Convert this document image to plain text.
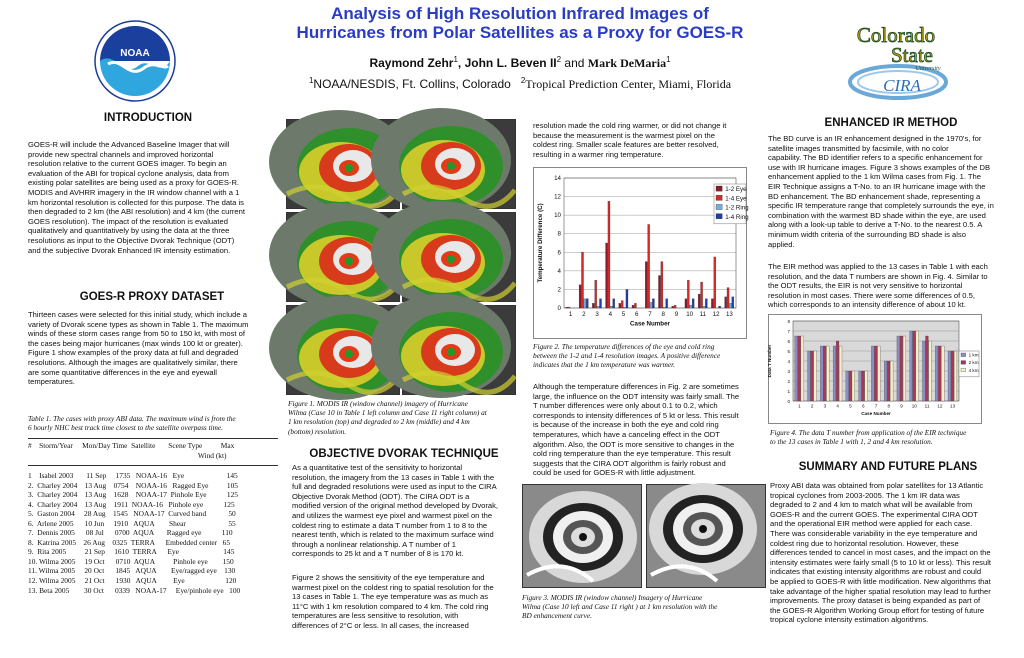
Analysis of High Resolution Infrared Images of
Hurricanes from Polar Satellites as a Proxy for GOES-R
Raymond Zehr$^1$, John L. Beven $II^2$ and Mark DeMaria$^1$
$^1$NOAA/NESDIS, Ft. Collins, Colorado $^2$Tropical Prediction Center, Miami, Florida
NOAA
Colorado
State
University
CIRA
INTRODUCTION
GOES-R will include the Advanced Baseline Imager that will
provide new spectral channels and improved horizontal
resolution relative to the current GOES imager. To begin an
evaluation of the ABI for tropical cyclone analysis, data from
existing polar satellites are being used as a proxy for GOES-R.
MODIS and AVHRR imagery in the IR window channel with a 1
km horizontal resolution is collected for this purpose. The data is
then degraded to 2 km (the ABI resolution) and 4 km (the current
GOES resolution). The impact of the resolution is evaluated
qualitatively and quantitatively by using the data at the three
resolutions as input to the Objective Dvorak Technique (ODT)
and the subjective Dvorak Enhanced IR intensity estimation.
GOES-R PROXY DATASET
Thirteen cases were selected for this initial study, which include a
variety of Dvorak scene types as shown in Table 1. The maximum
winds of these storm cases range from 50 to 150 kt, with most of
the cases being major hurricanes (max winds 100 kt or greater).
Figure 1 show examples of the proxy data at full and degraded
resolutions. Although the images are qualitatively similar, there
are some quantitative differences in the eye and eyewall
temperatures.
Table 1. The cases with proxy ABI data. The maximum wind is from the
6 hourly NHC best track time closest to the satellite overpass time.
#    Storm/Year     Mon/Day Time  Satellite       Scene Type          Max
Wind (kt)
1    Isabel 2003       11 Sep     1735   NOAA-16   Eye                       145
2.  Charley 2004    13 Aug    0754    NOAA-16   Ragged Eye          105
3.  Charley 2004    13 Aug    1628    NOAA-17  Pinhole Eye           125
4.  Charley 2004    13 Aug    1911  NOAA-16   Pinhole eye           125
5.  Gaston 2004     28 Aug    1545   NOAA-17  Curved band            50
6.  Arlene 2005      10 Jun     1910   AQUA        Shear                       55
7.  Dennis 2005      08 Jul      0700  AQUA       Ragged eye           110
8.  Katrina 2005    26 Aug    0325  TERRA      Embedded center   65
9.  Rita 2005          21 Sep     1610  TERRA      Eye                        145
10. Wilma 2005     19 Oct      0710  AQUA          Pinhole eye        150
11. Wilma 2005     20 Oct      1845   AQUA        Eye/ragged eye    130
12. Wilma 2005     21 Oct      1930   AQUA         Eye                      120
13. Beta 2005        30 Oct      0339   NOAA-17     Eye/pinhole eye   100
Figure 1. MODIS IR (window channel) imagery of Hurricane
Wilma (Case 10 in Table 1 left column and Case 11 right column) at
1 km resolution (top) and degraded to 2 km (middle) and 4 km
(bottom) resolution.
OBJECTIVE DVORAK TECHNIQUE
As a quantitative test of the sensitivity to horizontal
resolution, the imagery from the 13 cases in Table 1 with the
full and degraded resolutions were used as input to the CIRA
Objective Dvorak Method (ODT). The CIRA ODT is a
modified version of the original method developed by Dvorak,
and utilizes the warmest eye pixel and warmest pixel on the
coldest ring to estimate a data T number from 1 to 8 to the
nearest tenth, which is related to the maximum surface wind
through a nonlinear relationship. A T number of 1
corresponds to 25 kt and a T number of 8 is 170 kt.
Figure 2 shows the sensitivity of the eye temperature and
warmest pixel on the coldest ring to spatial resolution for the
13 cases in Table 1. The eye temperature was as much as
11°C with 1 km resolution compared to 4 km. The cold ring
temperatures are less sensitive to resolution, with
differences of 2°C or less. In all cases, the increased
resolution made the cold ring warmer, or did not change it
because the measurement is the warmest pixel on the
coldest ring. Smaller scale features are better resolved,
resulting in a warmer ring temperature.
0
2
4
6
8
10
12
14
1 2 3 4 5 6 7 8 9 10 11 12 13
Case Number
Temperature Difference (C)
1-2 Eye
1-4 Eye
1-2 Ring
1-4 Ring
Figure 2. The temperature differences of the eye and cold ring
between the 1-2 and 1-4 resolution images. A positive difference
indicates that the 1 km temperature was warmer.
Although the temperature differences in Fig. 2 are sometimes
large, the influence on the ODT intensity was fairly small. The
T number differences were only about 0.1 to 0.2, which
corresponds to intensity differences of 5 kt or less. This result
is because of the increase in both the eye and cold ring
temperatures, which have a canceling effect in the ODT
algorithm. Also, the ODT is more sensitive to changes in the
cold ring temperature than the eye temperature. This result
suggests that the CIRA ODT algorithm is fairly robust and
could be used for GOES-R with little adjustment.
Figure 3. MODIS IR (window channel) Imagery of Hurricane
Wilma (Case 10 left and Case 11 right ) at 1 km resolution with the
BD enhancement curve.
ENHANCED IR METHOD
The BD curve is an IR enhancement designed in the 1970's, for
satellite images transmitted by facsimile, with no color
capability. The BD identifier refers to a specific enhancement for
use with IR hurricane images. Figure 3 shows examples of the DB
enhancement applied to the 1 km Wilma cases from Fig. 1. The
EIR Technique assigns a T-No. to an IR hurricane image with the
BD enhancement. The BD enhancement shade, representing a
specific IR temperature range that completely surrounds the eye, in
combination with the warmest BD shade within the eye, are used
along with a look-up table to derive a T-No. to the nearest 0.5. A
minimum width criteria of the surrounding BD shade is also
applied.
The EIR method was applied to the 13 cases in Table 1 with each
resolution, and the data T numbers are shown in Fig. 4. Similar to
the ODT results, the EIR is not very sensitive to horizontal
resolution in most cases. There were some differences of 0.5,
which corresponds to an intensity difference of about 10 kt.
0
1
2
3
4
5
6
7
8
1 2 3 4 5 6 7 8 9 10 11 12 13
Case Number
Data T Number	1 km
2 km
4 km
Figure 4. The data T number from application of the EIR technique
to the 13 cases in Table 1 with 1, 2 and 4 km resolution.
SUMMARY AND FUTURE PLANS
Proxy ABI data was obtained from polar satellites for 13 Atlantic
tropical cyclones from 2003-2005. The 1 km IR data was
degraded to 2 and 4 km to match what will be available from
GOES-R and the current GOES. The experimental CIRA ODT
and the operational EIR method were applied for each case.
There was considerable variability in the eye temperature and
coldest ring due to horizontal resolution. However, these
differences tended to cancel in most cases, and the impact on the
intensity estimates were fairly small (5 to 10 kt or less). This result
indicates that existing intensity algorithms are robust and could
be applied to GOES-R with little modification. New algorithms that
take advantage of the higher spatial resolution may lead to further
improvements. The proxy dataset is being expanded as part of
the GOES-R Algorithm Working Group effort for testing of future
tropical cyclone intensity estimation algorithms.
